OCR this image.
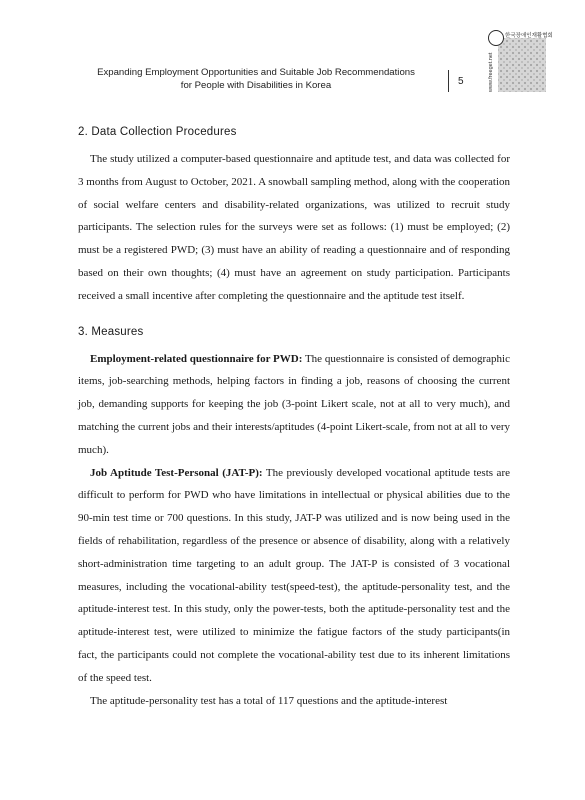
Expanding Employment Opportunities and Suitable Job Recommendations
for People with Disabilities in Korea	5
한국장애인재활협회
www.freeget.net
2. Data Collection Procedures

The study utilized a computer-based questionnaire and aptitude test, and data was collected for 3 months from August to October, 2021. A snowball sampling method, along with the cooperation of social welfare centers and disability-related organizations, was utilized to recruit study participants. The selection rules for the surveys were set as follows: (1) must be employed; (2) must be a registered PWD; (3) must have an ability of reading a questionnaire and of responding based on their own thoughts; (4) must have an agreement on study participation. Participants received a small incentive after completing the questionnaire and the aptitude test itself.

3. Measures

Employment-related questionnaire for PWD: The questionnaire is consisted of demographic items, job-searching methods, helping factors in finding a job, reasons of choosing the current job, demanding supports for keeping the job (3-point Likert scale, not at all to very much), and matching the current jobs and their interests/aptitudes (4-point Likert-scale, from not at all to very much).

Job Aptitude Test-Personal (JAT-P): The previously developed vocational aptitude tests are difficult to perform for PWD who have limitations in intellectual or physical abilities due to the 90-min test time or 700 questions. In this study, JAT-P was utilized and is now being used in the fields of rehabilitation, regardless of the presence or absence of disability, along with a relatively short-administration time targeting to an adult group. The JAT-P is consisted of 3 vocational measures, including the vocational-ability test(speed-test), the aptitude-personality test, and the aptitude-interest test. In this study, only the power-tests, both the aptitude-personality test and the aptitude-interest test, were utilized to minimize the fatigue factors of the study participants(in fact, the participants could not complete the vocational-ability test due to its inherent limitations of the speed test.

The aptitude-personality test has a total of 117 questions and the aptitude-interest
